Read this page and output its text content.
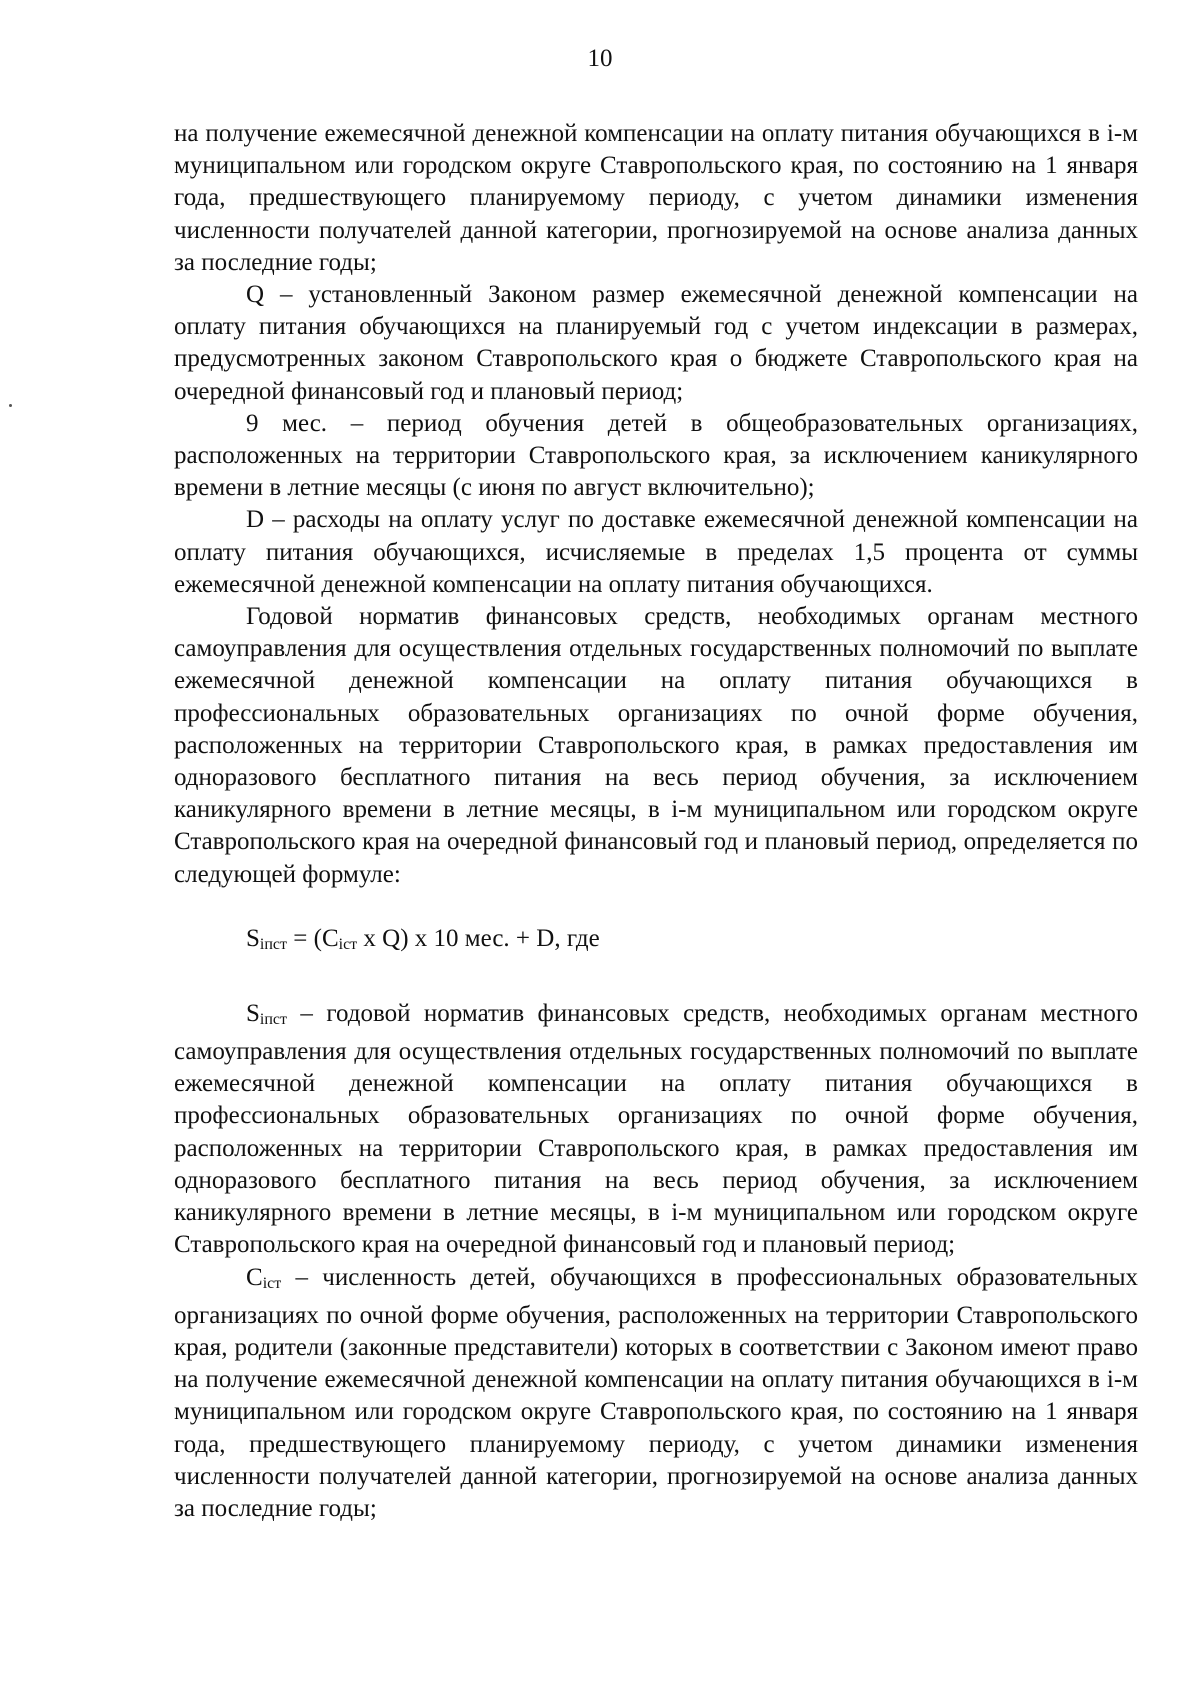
10

на получение ежемесячной денежной компенсации на оплату питания обучающихся в i-м муниципальном или городском округе Ставропольского края, по состоянию на 1 января года, предшествующего планируемому периоду, с учетом динамики изменения численности получателей данной категории, прогнозируемой на основе анализа данных за последние годы;

Q – установленный Законом размер ежемесячной денежной компенсации на оплату питания обучающихся на планируемый год с учетом индексации в размерах, предусмотренных законом Ставропольского края о бюджете Ставропольского края на очередной финансовый год и плановый период;

9 мес. – период обучения детей в общеобразовательных организациях, расположенных на территории Ставропольского края, за исключением каникулярного времени в летние месяцы (с июня по август включительно);

D – расходы на оплату услуг по доставке ежемесячной денежной компенсации на оплату питания обучающихся, исчисляемые в пределах 1,5 процента от суммы ежемесячной денежной компенсации на оплату питания обучающихся.

Годовой норматив финансовых средств, необходимых органам местного самоуправления для осуществления отдельных государственных полномочий по выплате ежемесячной денежной компенсации на оплату питания обучающихся в профессиональных образовательных организациях по очной форме обучения, расположенных на территории Ставропольского края, в рамках предоставления им одноразового бесплатного питания на весь период обучения, за исключением каникулярного времени в летние месяцы, в i-м муниципальном или городском округе Ставропольского края на очередной финансовый год и плановый период, определяется по следующей формуле:

Siпст = (Ciст x Q) x 10 мес. + D, где

Siпст – годовой норматив финансовых средств, необходимых органам местного самоуправления для осуществления отдельных государственных полномочий по выплате ежемесячной денежной компенсации на оплату питания обучающихся в профессиональных образовательных организациях по очной форме обучения, расположенных на территории Ставропольского края, в рамках предоставления им одноразового бесплатного питания на весь период обучения, за исключением каникулярного времени в летние месяцы, в i-м муниципальном или городском округе Ставропольского края на очередной финансовый год и плановый период;

Ciст – численность детей, обучающихся в профессиональных образовательных организациях по очной форме обучения, расположенных на территории Ставропольского края, родители (законные представители) которых в соответствии с Законом имеют право на получение ежемесячной денежной компенсации на оплату питания обучающихся в i-м муниципальном или городском округе Ставропольского края, по состоянию на 1 января года, предшествующего планируемому периоду, с учетом динамики изменения численности получателей данной категории, прогнозируемой на основе анализа данных за последние годы;
